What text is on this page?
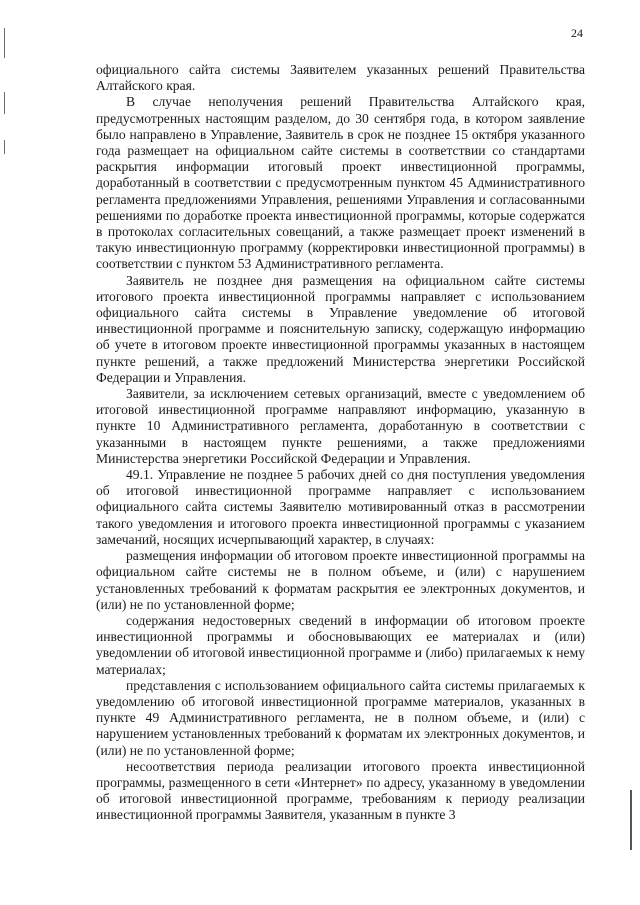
24

официального сайта системы Заявителем указанных решений Правительства Алтайского края.

В случае неполучения решений Правительства Алтайского края, предусмотренных настоящим разделом, до 30 сентября года, в котором заявление было направлено в Управление, Заявитель в срок не позднее 15 октября указанного года размещает на официальном сайте системы в соответствии со стандартами раскрытия информации итоговый проект инвестиционной программы, доработанный в соответствии с предусмотренным пунктом 45 Административного регламента предложениями Управления, решениями Управления и согласованными решениями по доработке проекта инвестиционной программы, которые содержатся в протоколах согласительных совещаний, а также размещает проект изменений в такую инвестиционную программу (корректировки инвестиционной программы) в соответствии с пунктом 53 Административного регламента.

Заявитель не позднее дня размещения на официальном сайте системы итогового проекта инвестиционной программы направляет с использованием официального сайта системы в Управление уведомление об итоговой инвестиционной программе и пояснительную записку, содержащую информацию об учете в итоговом проекте инвестиционной программы указанных в настоящем пункте решений, а также предложений Министерства энергетики Российской Федерации и Управления.

Заявители, за исключением сетевых организаций, вместе с уведомлением об итоговой инвестиционной программе направляют информацию, указанную в пункте 10 Административного регламента, доработанную в соответствии с указанными в настоящем пункте решениями, а также предложениями Министерства энергетики Российской Федерации и Управления.

49.1. Управление не позднее 5 рабочих дней со дня поступления уведомления об итоговой инвестиционной программе направляет с использованием официального сайта системы Заявителю мотивированный отказ в рассмотрении такого уведомления и итогового проекта инвестиционной программы с указанием замечаний, носящих исчерпывающий характер, в случаях:

размещения информации об итоговом проекте инвестиционной программы на официальном сайте системы не в полном объеме, и (или) с нарушением установленных требований к форматам раскрытия ее электронных документов, и (или) не по установленной форме;

содержания недостоверных сведений в информации об итоговом проекте инвестиционной программы и обосновывающих ее материалах и (или) уведомлении об итоговой инвестиционной программе и (либо) прилагаемых к нему материалах;

представления с использованием официального сайта системы прилагаемых к уведомлению об итоговой инвестиционной программе материалов, указанных в пункте 49 Административного регламента, не в полном объеме, и (или) с нарушением установленных требований к форматам их электронных документов, и (или) не по установленной форме;

несоответствия периода реализации итогового проекта инвестиционной программы, размещенного в сети «Интернет» по адресу, указанному в уведомлении об итоговой инвестиционной программе, требованиям к периоду реализации инвестиционной программы Заявителя, указанным в пункте 3
